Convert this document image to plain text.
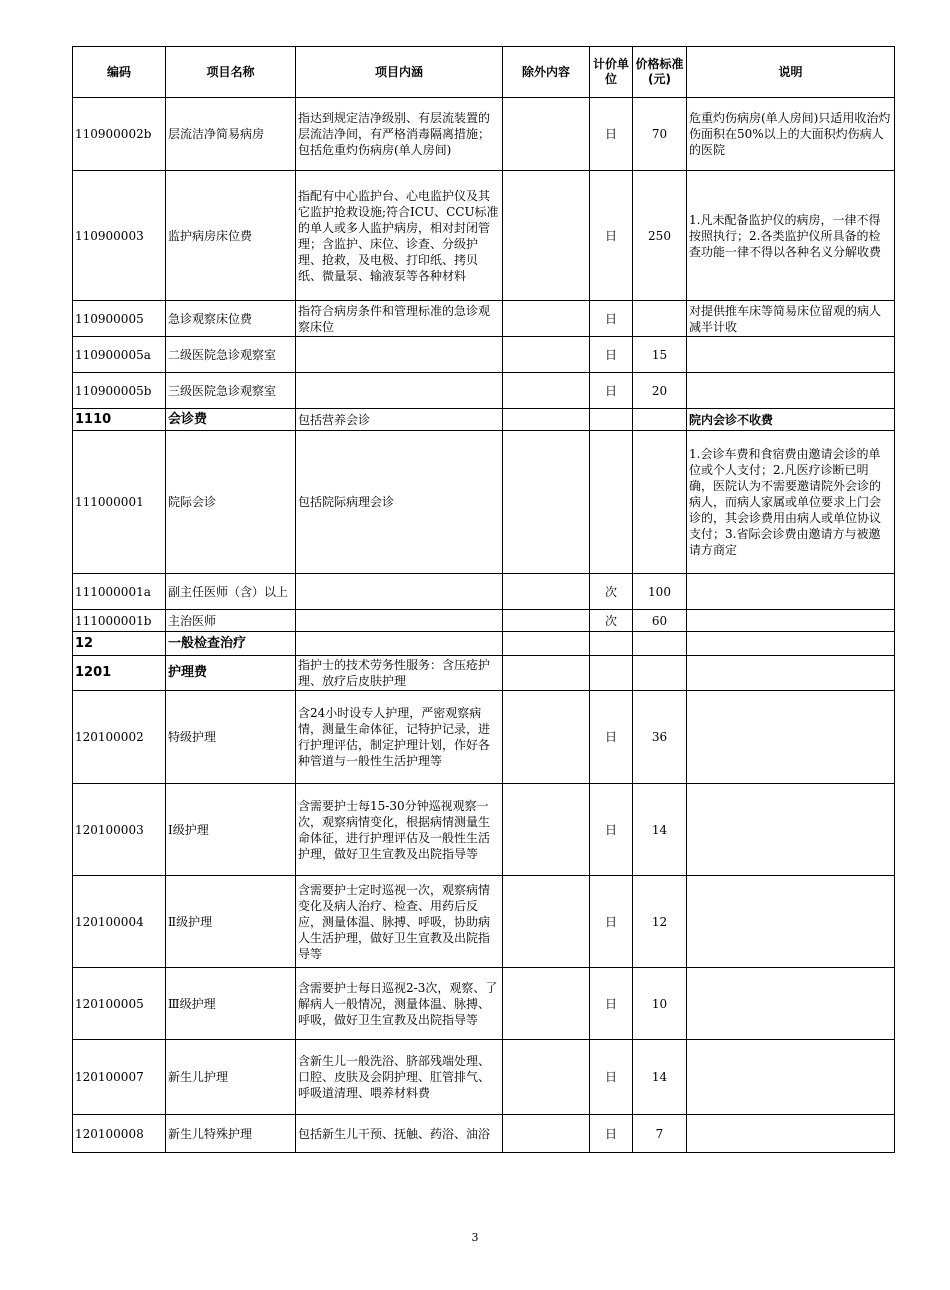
编码	项目名称	项目内涵	除外内容	计价单位	价格标准(元)	说明
110900002b	层流洁净简易病房	指达到规定洁净级别、有层流装置的层流洁净间，有严格消毒隔离措施；包括危重灼伤病房(单人房间)		日	70	危重灼伤病房(单人房间)只适用收治灼伤面积在50%以上的大面积灼伤病人的医院
110900003	监护病房床位费	指配有中心监护台、心电监护仪及其它监护抢救设施;符合ICU、CCU标准的单人或多人监护病房，相对封闭管理；含监护、床位、诊查、分级护理、抢救，及电极、打印纸、拷贝纸、微量泵、输液泵等各种材料		日	250	1.凡未配备监护仪的病房，一律不得按照执行；2.各类监护仪所具备的检查功能一律不得以各种名义分解收费
110900005	急诊观察床位费	指符合病房条件和管理标准的急诊观察床位		日		对提供推车床等简易床位留观的病人减半计收
110900005a	二级医院急诊观察室			日	15	
110900005b	三级医院急诊观察室			日	20	
1110	会诊费	包括营养会诊				院内会诊不收费
111000001	院际会诊	包括院际病理会诊				1.会诊车费和食宿费由邀请会诊的单位或个人支付；2.凡医疗诊断已明确，医院认为不需要邀请院外会诊的病人，而病人家属或单位要求上门会诊的，其会诊费用由病人或单位协议支付；3.省际会诊费由邀请方与被邀请方商定
111000001a	副主任医师（含）以上			次	100	
111000001b	主治医师			次	60	
12	一般检查治疗					
1201	护理费	指护士的技术劳务性服务：含压疮护理、放疗后皮肤护理				
120100002	特级护理	含24小时设专人护理，严密观察病情，测量生命体征，记特护记录，进行护理评估，制定护理计划，作好各种管道与一般性生活护理等		日	36	
120100003	Ⅰ级护理	含需要护士每15-30分钟巡视观察一次，观察病情变化，根据病情测量生命体征，进行护理评估及一般性生活护理，做好卫生宣教及出院指导等		日	14	
120100004	Ⅱ级护理	含需要护士定时巡视一次，观察病情变化及病人治疗、检查、用药后反应，测量体温、脉搏、呼吸，协助病人生活护理，做好卫生宣教及出院指导等		日	12	
120100005	Ⅲ级护理	含需要护士每日巡视2-3次，观察、了解病人一般情况，测量体温、脉搏、呼吸，做好卫生宣教及出院指导等		日	10	
120100007	新生儿护理	含新生儿一般洗浴、脐部残端处理、口腔、皮肤及会阴护理、肛管排气、呼吸道清理、喂养材料费		日	14	
120100008	新生儿特殊护理	包括新生儿干预、抚触、药浴、油浴		日	7	
3
